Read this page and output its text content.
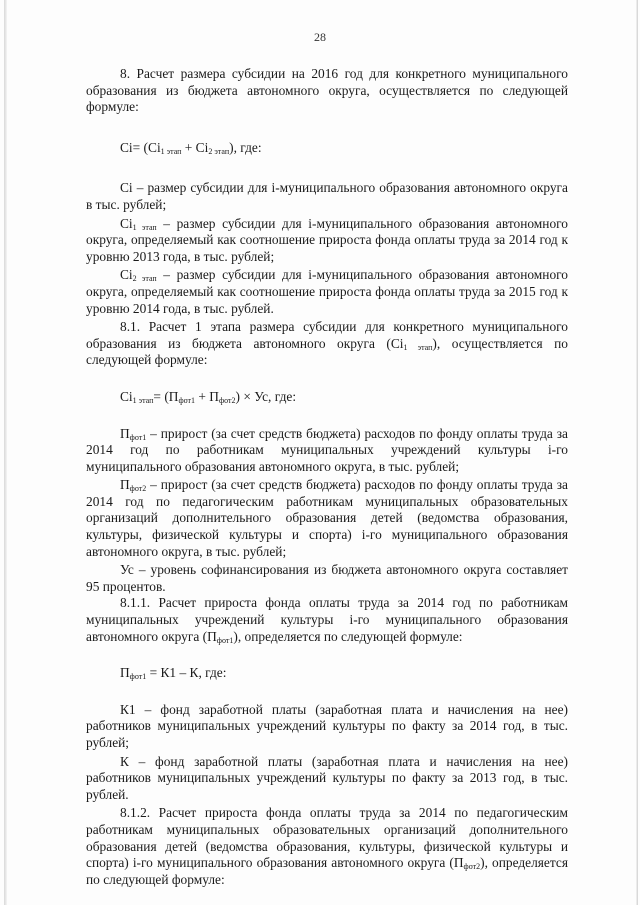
28

8. Расчет размера субсидии на 2016 год для конкретного муниципального образования из бюджета автономного округа, осуществляется по следующей формуле:

$Ci= (Ci_{1 этап} + Ci_{2 этап})$, где:

Ci – размер субсидии для i-муниципального образования автономного округа в тыс. рублей;

$Ci_{1 этап}$ – размер субсидии для i-муниципального образования автономного округа, определяемый как соотношение прироста фонда оплаты труда за 2014 год к уровню 2013 года, в тыс. рублей;

$Ci_{2 этап}$ – размер субсидии для i-муниципального образования автономного округа, определяемый как соотношение прироста фонда оплаты труда за 2015 год к уровню 2014 года, в тыс. рублей.

8.1. Расчет 1 этапа размера субсидии для конкретного муниципального образования из бюджета автономного округа $(Ci_{1 этап})$, осуществляется по следующей формуле:

$Ci_{1 этап}= (П_{фот1} + П_{фот2})$ × Ус, где:

$П_{фот1}$ – прирост (за счет средств бюджета) расходов по фонду оплаты труда за 2014 год по работникам муниципальных учреждений культуры i-го муниципального образования автономного округа, в тыс. рублей;

$П_{фот2}$ – прирост (за счет средств бюджета) расходов по фонду оплаты труда за 2014 год по педагогическим работникам муниципальных образовательных организаций дополнительного образования детей (ведомства образования, культуры, физической культуры и спорта) i-го муниципального образования автономного округа, в тыс. рублей;

Ус – уровень софинансирования из бюджета автономного округа составляет 95 процентов.

8.1.1. Расчет прироста фонда оплаты труда за 2014 год по работникам муниципальных учреждений культуры i-го муниципального образования автономного округа $(П_{фот1})$, определяется по следующей формуле:

$П_{фот1} = К1 - К$, где:

К1 – фонд заработной платы (заработная плата и начисления на нее) работников муниципальных учреждений культуры по факту за 2014 год, в тыс. рублей;

К – фонд заработной платы (заработная плата и начисления на нее) работников муниципальных учреждений культуры по факту за 2013 год, в тыс. рублей.

8.1.2. Расчет прироста фонда оплаты труда за 2014 по педагогическим работникам муниципальных образовательных организаций дополнительного образования детей (ведомства образования, культуры, физической культуры и спорта) i-го муниципального образования автономного округа $(П_{фот2})$, определяется по следующей формуле:
